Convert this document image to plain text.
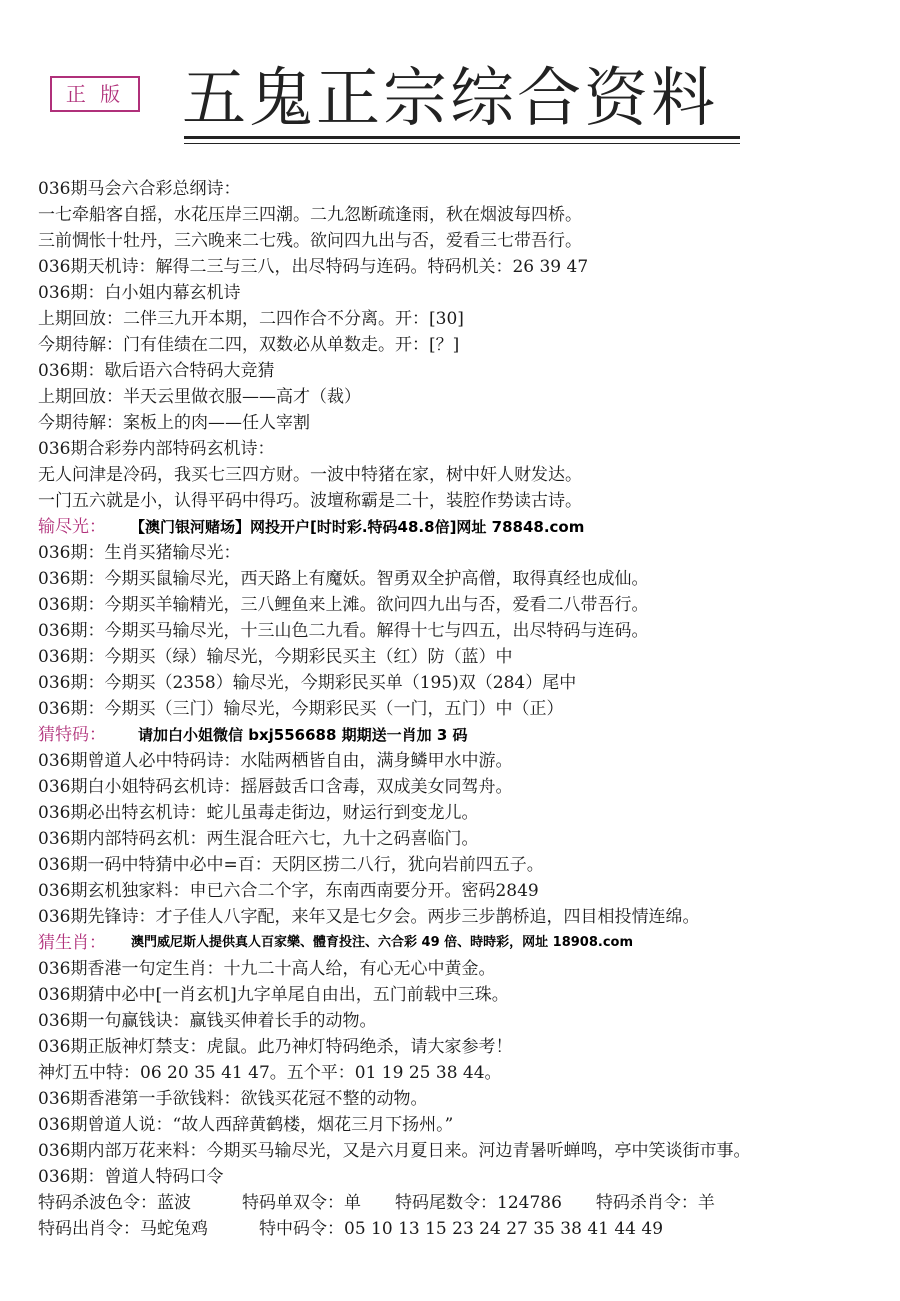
正 版 五鬼正宗综合资料
036期马会六合彩总纲诗：
一七牵船客自摇，水花压岸三四潮。二九忽断疏逢雨，秋在烟波每四桥。
三前惆怅十牡丹，三六晚来二七残。欲问四九出与否，爱看三七带吾行。
036期天机诗：解得二三与三八，出尽特码与连码。特码机关：26 39 47
036期：白小姐内幕玄机诗
上期回放：二伴三九开本期，二四作合不分离。开：[30]
今期待解：门有佳绩在二四，双数必从单数走。开：[？]
036期：歇后语六合特码大竞猜
上期回放：半天云里做衣服——高才（裁）
今期待解：案板上的肉——任人宰割
036期合彩券内部特码玄机诗：
无人问津是冷码，我买七三四方财。一波中特猪在家，树中奸人财发达。
一门五六就是小，认得平码中得巧。波壇称霸是二十，装腔作势读古诗。
输尽光：	【澳门银河赌场】网投开户[时时彩.特码48.8倍]网址 78848.com
036期：生肖买猪输尽光：
036期：今期买鼠输尽光，西天路上有魔妖。智勇双全护高僧，取得真经也成仙。
036期：今期买羊输精光，三八鲤鱼来上滩。欲问四九出与否，爱看二八带吾行。
036期：今期买马输尽光，十三山色二九看。解得十七与四五，出尽特码与连码。
036期：今期买（绿）输尽光，今期彩民买主（红）防（蓝）中
036期：今期买（2358）输尽光，今期彩民买单（195)双（284）尾中
036期：今期买（三门）输尽光，今期彩民买（一门，五门）中（正）
猜特码：	请加白小姐微信 bxj556688 期期送一肖加 3 码
036期曾道人必中特码诗：水陆两栖皆自由，满身鳞甲水中游。
036期白小姐特码玄机诗：摇唇鼓舌口含毒，双成美女同驾舟。
036期必出特玄机诗：蛇儿虽毒走街边，财运行到变龙儿。
036期内部特码玄机：两生混合旺六七，九十之码喜临门。
036期一码中特猜中必中=百：天阴区捞二八行，犹向岩前四五子。
036期玄机独家料：申已六合二个字，东南西南要分开。密码2849
036期先锋诗：才子佳人八字配，来年又是七夕会。两步三步鹊桥追，四目相投情连绵。
猜生肖：	澳門威尼斯人提供真人百家樂、體育投注、六合彩 49 倍、時時彩，网址 18908.com
036期香港一句定生肖：十九二十高人给，有心无心中黄金。
036期猜中必中[一肖玄机]九字单尾自由出，五门前载中三珠。
036期一句赢钱诀：赢钱买伸着长手的动物。
036期正版神灯禁支：虎鼠。此乃神灯特码绝杀，请大家参考！
神灯五中特：06 20 35 41 47。五个平：01 19 25 38 44。
036期香港第一手欲钱料：欲钱买花冠不整的动物。
036期曾道人说：“故人西辞黄鹤楼，烟花三月下扬州。”
036期内部万花来料：今期买马输尽光，又是六月夏日来。河边青暑听蝉鸣，亭中笑谈街市事。
036期：曾道人特码口令
特码杀波色令：蓝波　　　特码单双令：单　　特码尾数令：124786　　特码杀肖令：羊
特码出肖令：马蛇兔鸡　　　特中码令：05 10 13 15 23 24 27 35 38 41 44 49
